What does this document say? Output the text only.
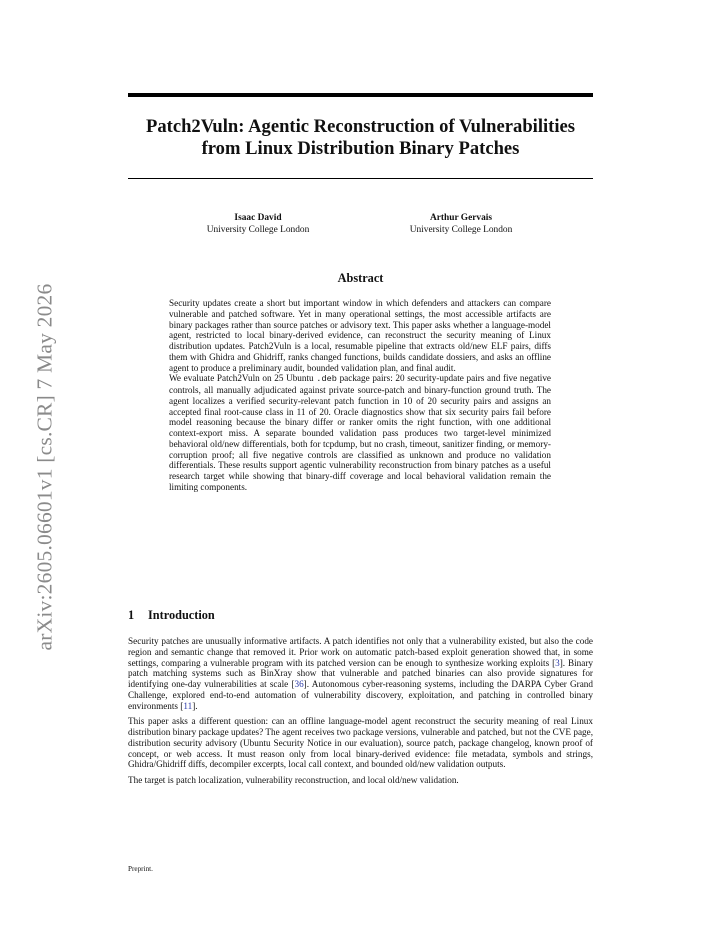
arXiv:2605.06601v1 [cs.CR] 7 May 2026
Patch2Vuln: Agentic Reconstruction of Vulnerabilities
from Linux Distribution Binary Patches
Isaac David
University College London
Arthur Gervais
University College London
Abstract

Security updates create a short but important window in which defenders and attackers can compare vulnerable and patched software. Yet in many operational settings, the most accessible artifacts are binary packages rather than source patches or advisory text. This paper asks whether a language-model agent, restricted to local binary-derived evidence, can reconstruct the security meaning of Linux distribution updates. Patch2Vuln is a local, resumable pipeline that extracts old/new ELF pairs, diffs them with Ghidra and Ghidriff, ranks changed functions, builds candidate dossiers, and asks an offline agent to produce a preliminary audit, bounded validation plan, and final audit.

We evaluate Patch2Vuln on 25 Ubuntu .deb package pairs: 20 security-update pairs and five negative controls, all manually adjudicated against private source-patch and binary-function ground truth. The agent localizes a verified security-relevant patch function in 10 of 20 security pairs and assigns an accepted final root-cause class in 11 of 20. Oracle diagnostics show that six security pairs fail before model reasoning because the binary differ or ranker omits the right function, with one additional context-export miss. A separate bounded validation pass produces two target-level minimized behavioral old/new differentials, both for tcpdump, but no crash, timeout, sanitizer finding, or memory-corruption proof; all five negative controls are classified as unknown and produce no validation differentials. These results support agentic vulnerability reconstruction from binary patches as a useful research target while showing that binary-diff coverage and local behavioral validation remain the limiting components.

1 Introduction

Security patches are unusually informative artifacts. A patch identifies not only that a vulnerability existed, but also the code region and semantic change that removed it. Prior work on automatic patch-based exploit generation showed that, in some settings, comparing a vulnerable program with its patched version can be enough to synthesize working exploits [3]. Binary patch matching systems such as BinXray show that vulnerable and patched binaries can also provide signatures for identifying one-day vulnerabilities at scale [36]. Autonomous cyber-reasoning systems, including the DARPA Cyber Grand Challenge, explored end-to-end automation of vulnerability discovery, exploitation, and patching in controlled binary environments [11].

This paper asks a different question: can an offline language-model agent reconstruct the security meaning of real Linux distribution binary package updates? The agent receives two package versions, vulnerable and patched, but not the CVE page, distribution security advisory (Ubuntu Security Notice in our evaluation), source patch, package changelog, known proof of concept, or web access. It must reason only from local binary-derived evidence: file metadata, symbols and strings, Ghidra/Ghidriff diffs, decompiler excerpts, local call context, and bounded old/new validation outputs.

The target is patch localization, vulnerability reconstruction, and local old/new validation.

Preprint.
